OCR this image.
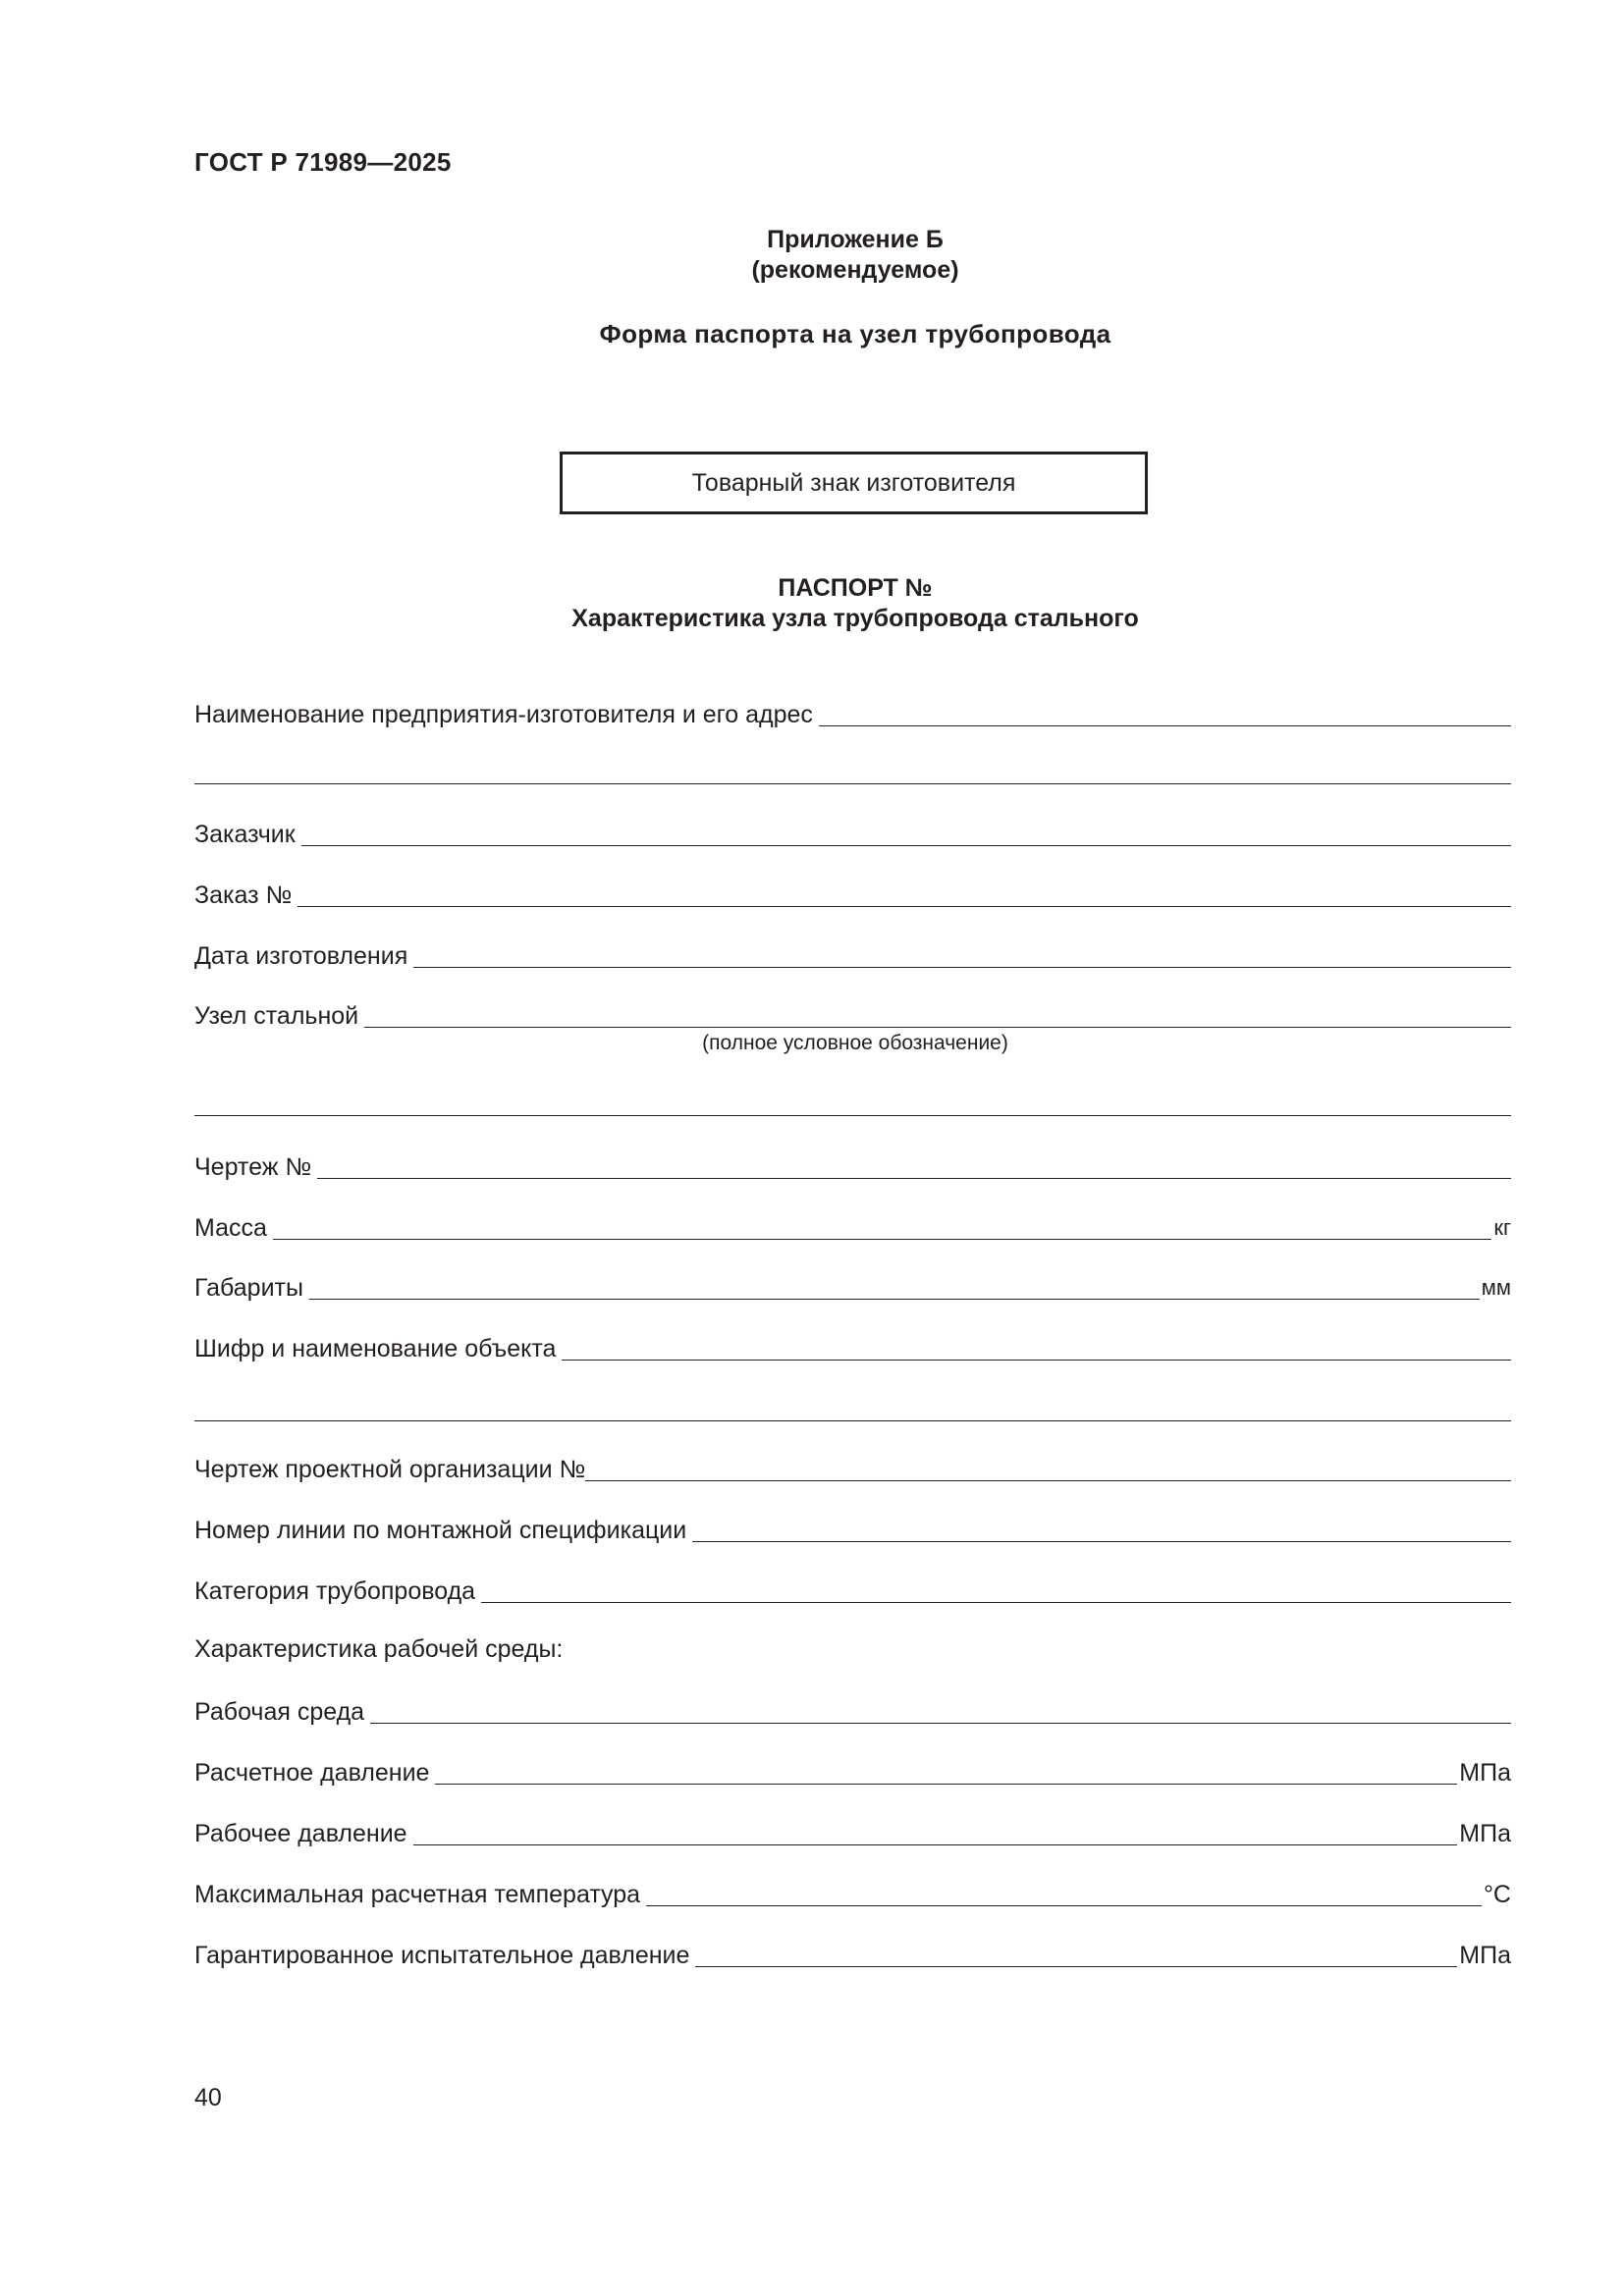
ГОСТ Р 71989—2025
Приложение Б
(рекомендуемое)
Форма паспорта на узел трубопровода
Товарный знак изготовителя
ПАСПОРТ №
Характеристика узла трубопровода стального
Наименование предприятия-изготовителя и его адрес
Заказчик
Заказ №
Дата изготовления
Узел стальной
(полное условное обозначение)
Чертеж №
Масса	кг
Габариты	мм
Шифр и наименование объекта
Чертеж проектной организации №
Номер линии по монтажной спецификации
Категория трубопровода
Характеристика рабочей среды:
Рабочая среда
Расчетное давление	МПа
Рабочее давление	МПа
Максимальная расчетная температура	°С
Гарантированное испытательное давление	МПа
40
